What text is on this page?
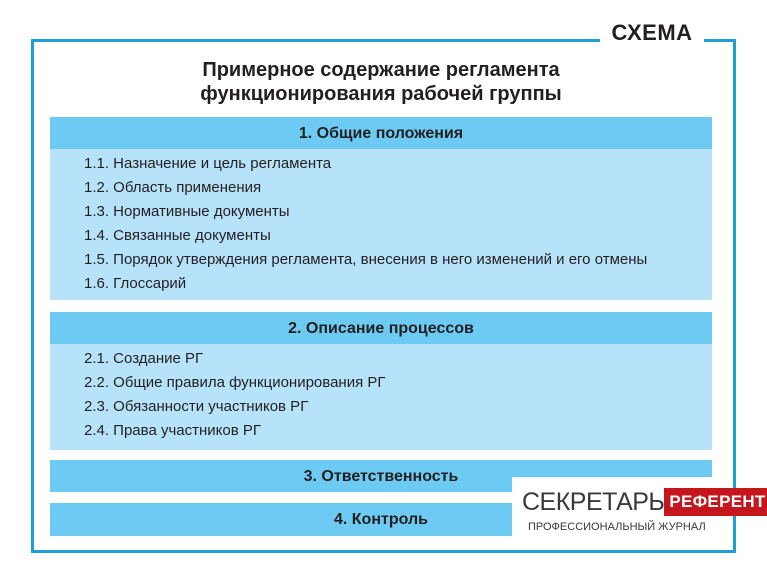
СХЕМА
Примерное содержание регламента
функционирования рабочей группы
1. Общие положения
1.1. Назначение и цель регламента
1.2. Область применения
1.3. Нормативные документы
1.4. Связанные документы
1.5. Порядок утверждения регламента, внесения в него изменений и его отмены
1.6. Глоссарий
2. Описание процессов
2.1. Создание РГ
2.2. Общие правила функционирования РГ
2.3. Обязанности участников РГ
2.4. Права участников РГ
3. Ответственность
4. Контроль
СЕКРЕТАРЬ РЕФЕРЕНТ
ПРОФЕССИОНАЛЬНЫЙ ЖУРНАЛ
